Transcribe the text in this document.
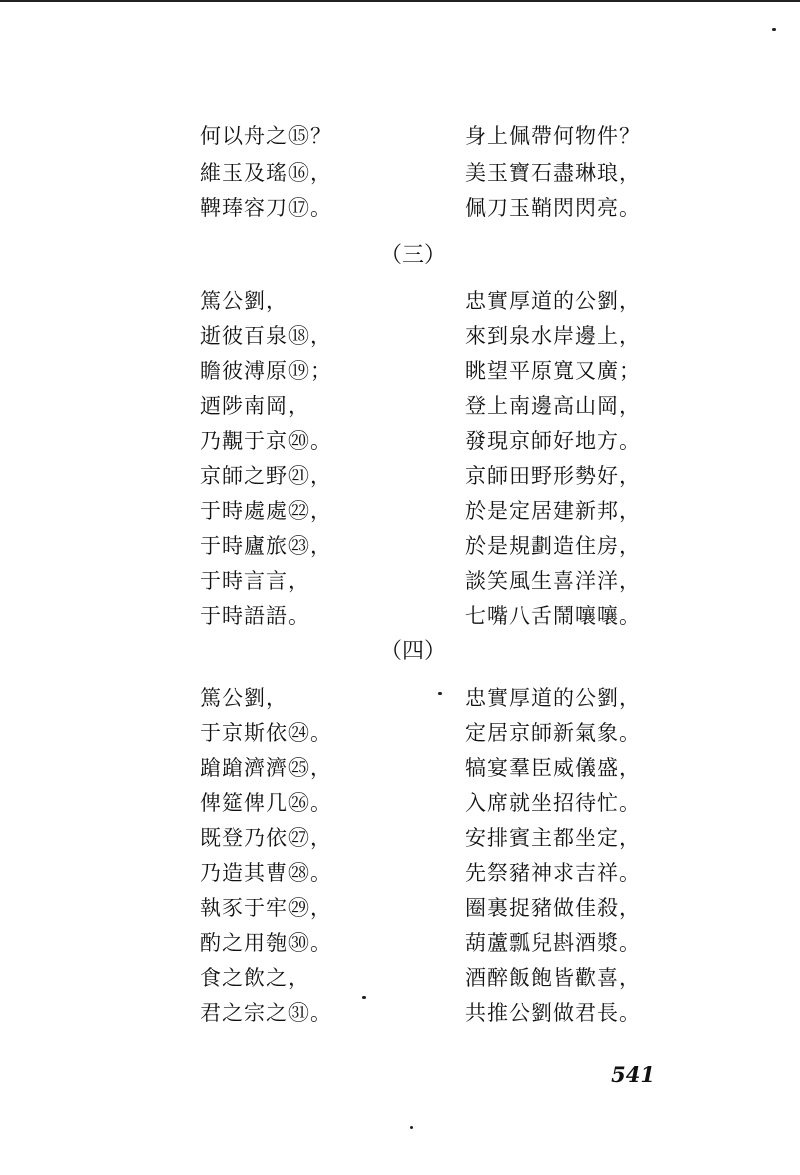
何以舟之⑮？	身上佩帶何物件？
維玉及瑤⑯，	美玉寶石盡琳琅，
鞞琫容刀⑰。	佩刀玉鞘閃閃亮。
（三）
篤公劉，	忠實厚道的公劉，
逝彼百泉⑱，	來到泉水岸邊上，
瞻彼溥原⑲；	眺望平原寬又廣；
迺陟南岡，	登上南邊高山岡，
乃覯于京⑳。	發現京師好地方。
京師之野㉑，	京師田野形勢好，
于時處處㉒，	於是定居建新邦，
于時廬旅㉓，	於是規劃造住房，
于時言言，	談笑風生喜洋洋，
于時語語。	七嘴八舌鬧嚷嚷。
（四）
篤公劉，	忠實厚道的公劉，
于京斯依㉔。	定居京師新氣象。
蹌蹌濟濟㉕，	犒宴羣臣威儀盛，
俾筵俾几㉖。	入席就坐招待忙。
既登乃依㉗，	安排賓主都坐定，
乃造其曹㉘。	先祭豬神求吉祥。
執豕于牢㉙，	圈裏捉豬做佳殺，
酌之用匏㉚。	葫蘆瓢兒斟酒漿。
食之飲之，	酒醉飯飽皆歡喜，
君之宗之㉛。	共推公劉做君長。
541
